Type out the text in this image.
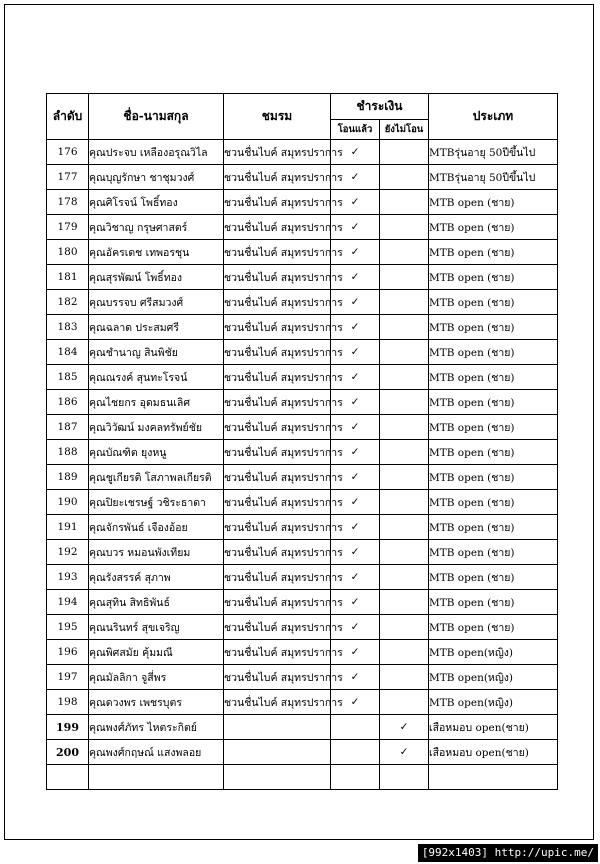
ลำดับ	ชื่อ-นามสกุล	ชมรม	ชำระเงิน		ประเภท
			โอนแล้ว	ยังไม่โอน	
176	คุณประจบ เหลืองอรุณวิไล	ชวนชื่นไบค์ สมุทรปราการ	✓		MTBรุ่นอายุ 50ปีขึ้นไป
177	คุณบุญรักษา ชาชุมวงศ์	ชวนชื่นไบค์ สมุทรปราการ	✓		MTBรุ่นอายุ 50ปีขึ้นไป
178	คุณศิโรจน์ โพธิ์ทอง	ชวนชื่นไบค์ สมุทรปราการ	✓		MTB open (ชาย)
179	คุณวิชาญ กรุษศาสตร์	ชวนชื่นไบค์ สมุทรปราการ	✓		MTB open (ชาย)
180	คุณอัครเดช เทพอรชุน	ชวนชื่นไบค์ สมุทรปราการ	✓		MTB open (ชาย)
181	คุณสุรพัฒน์ โพธิ์ทอง	ชวนชื่นไบค์ สมุทรปราการ	✓		MTB open (ชาย)
182	คุณบรรจบ ศรีสมวงศ์	ชวนชื่นไบค์ สมุทรปราการ	✓		MTB open (ชาย)
183	คุณฉลาด ประสมศรี	ชวนชื่นไบค์ สมุทรปราการ	✓		MTB open (ชาย)
184	คุณชำนาญ สินพิชัย	ชวนชื่นไบค์ สมุทรปราการ	✓		MTB open (ชาย)
185	คุณณรงค์ สุนทะโรจน์	ชวนชื่นไบค์ สมุทรปราการ	✓		MTB open (ชาย)
186	คุณไชยกร อุดมธนเลิศ	ชวนชื่นไบค์ สมุทรปราการ	✓		MTB open (ชาย)
187	คุณวิวัฒน์ มงคลทรัพย์ชัย	ชวนชื่นไบค์ สมุทรปราการ	✓		MTB open (ชาย)
188	คุณบัณฑิต ยุงหนู	ชวนชื่นไบค์ สมุทรปราการ	✓		MTB open (ชาย)
189	คุณชูเกียรติ โสภาพลเกียรติ	ชวนชื่นไบค์ สมุทรปราการ	✓		MTB open (ชาย)
190	คุณปิยะเชรษฐ์ วชิระธาดา	ชวนชื่นไบค์ สมุทรปราการ	✓		MTB open (ชาย)
191	คุณจักรพันธ์ เจืองอ้อย	ชวนชื่นไบค์ สมุทรปราการ	✓		MTB open (ชาย)
192	คุณบวร หมอนพังเทียม	ชวนชื่นไบค์ สมุทรปราการ	✓		MTB open (ชาย)
193	คุณรังสรรค์ สุภาพ	ชวนชื่นไบค์ สมุทรปราการ	✓		MTB open (ชาย)
194	คุณสุทิน สิทธิพันธ์	ชวนชื่นไบค์ สมุทรปราการ	✓		MTB open (ชาย)
195	คุณนรินทร์ สุขเจริญ	ชวนชื่นไบค์ สมุทรปราการ	✓		MTB open (ชาย)
196	คุณพิศสมัย คุ้มมณี	ชวนชื่นไบค์ สมุทรปราการ	✓		MTB open(หญิง)
197	คุณมัลลิกา จูสี่พร	ชวนชื่นไบค์ สมุทรปราการ	✓		MTB open(หญิง)
198	คุณดวงพร เพชรบุตร	ชวนชื่นไบค์ สมุทรปราการ	✓		MTB open(หญิง)
199	คุณพงศ์ภัทร ไหตระกิตย์			✓	เสือหมอบ open(ชาย)
200	คุณพงศ์กฤษณ์ แสงพลอย			✓	เสือหมอบ open(ชาย)

[992x1403] http://upic.me/
